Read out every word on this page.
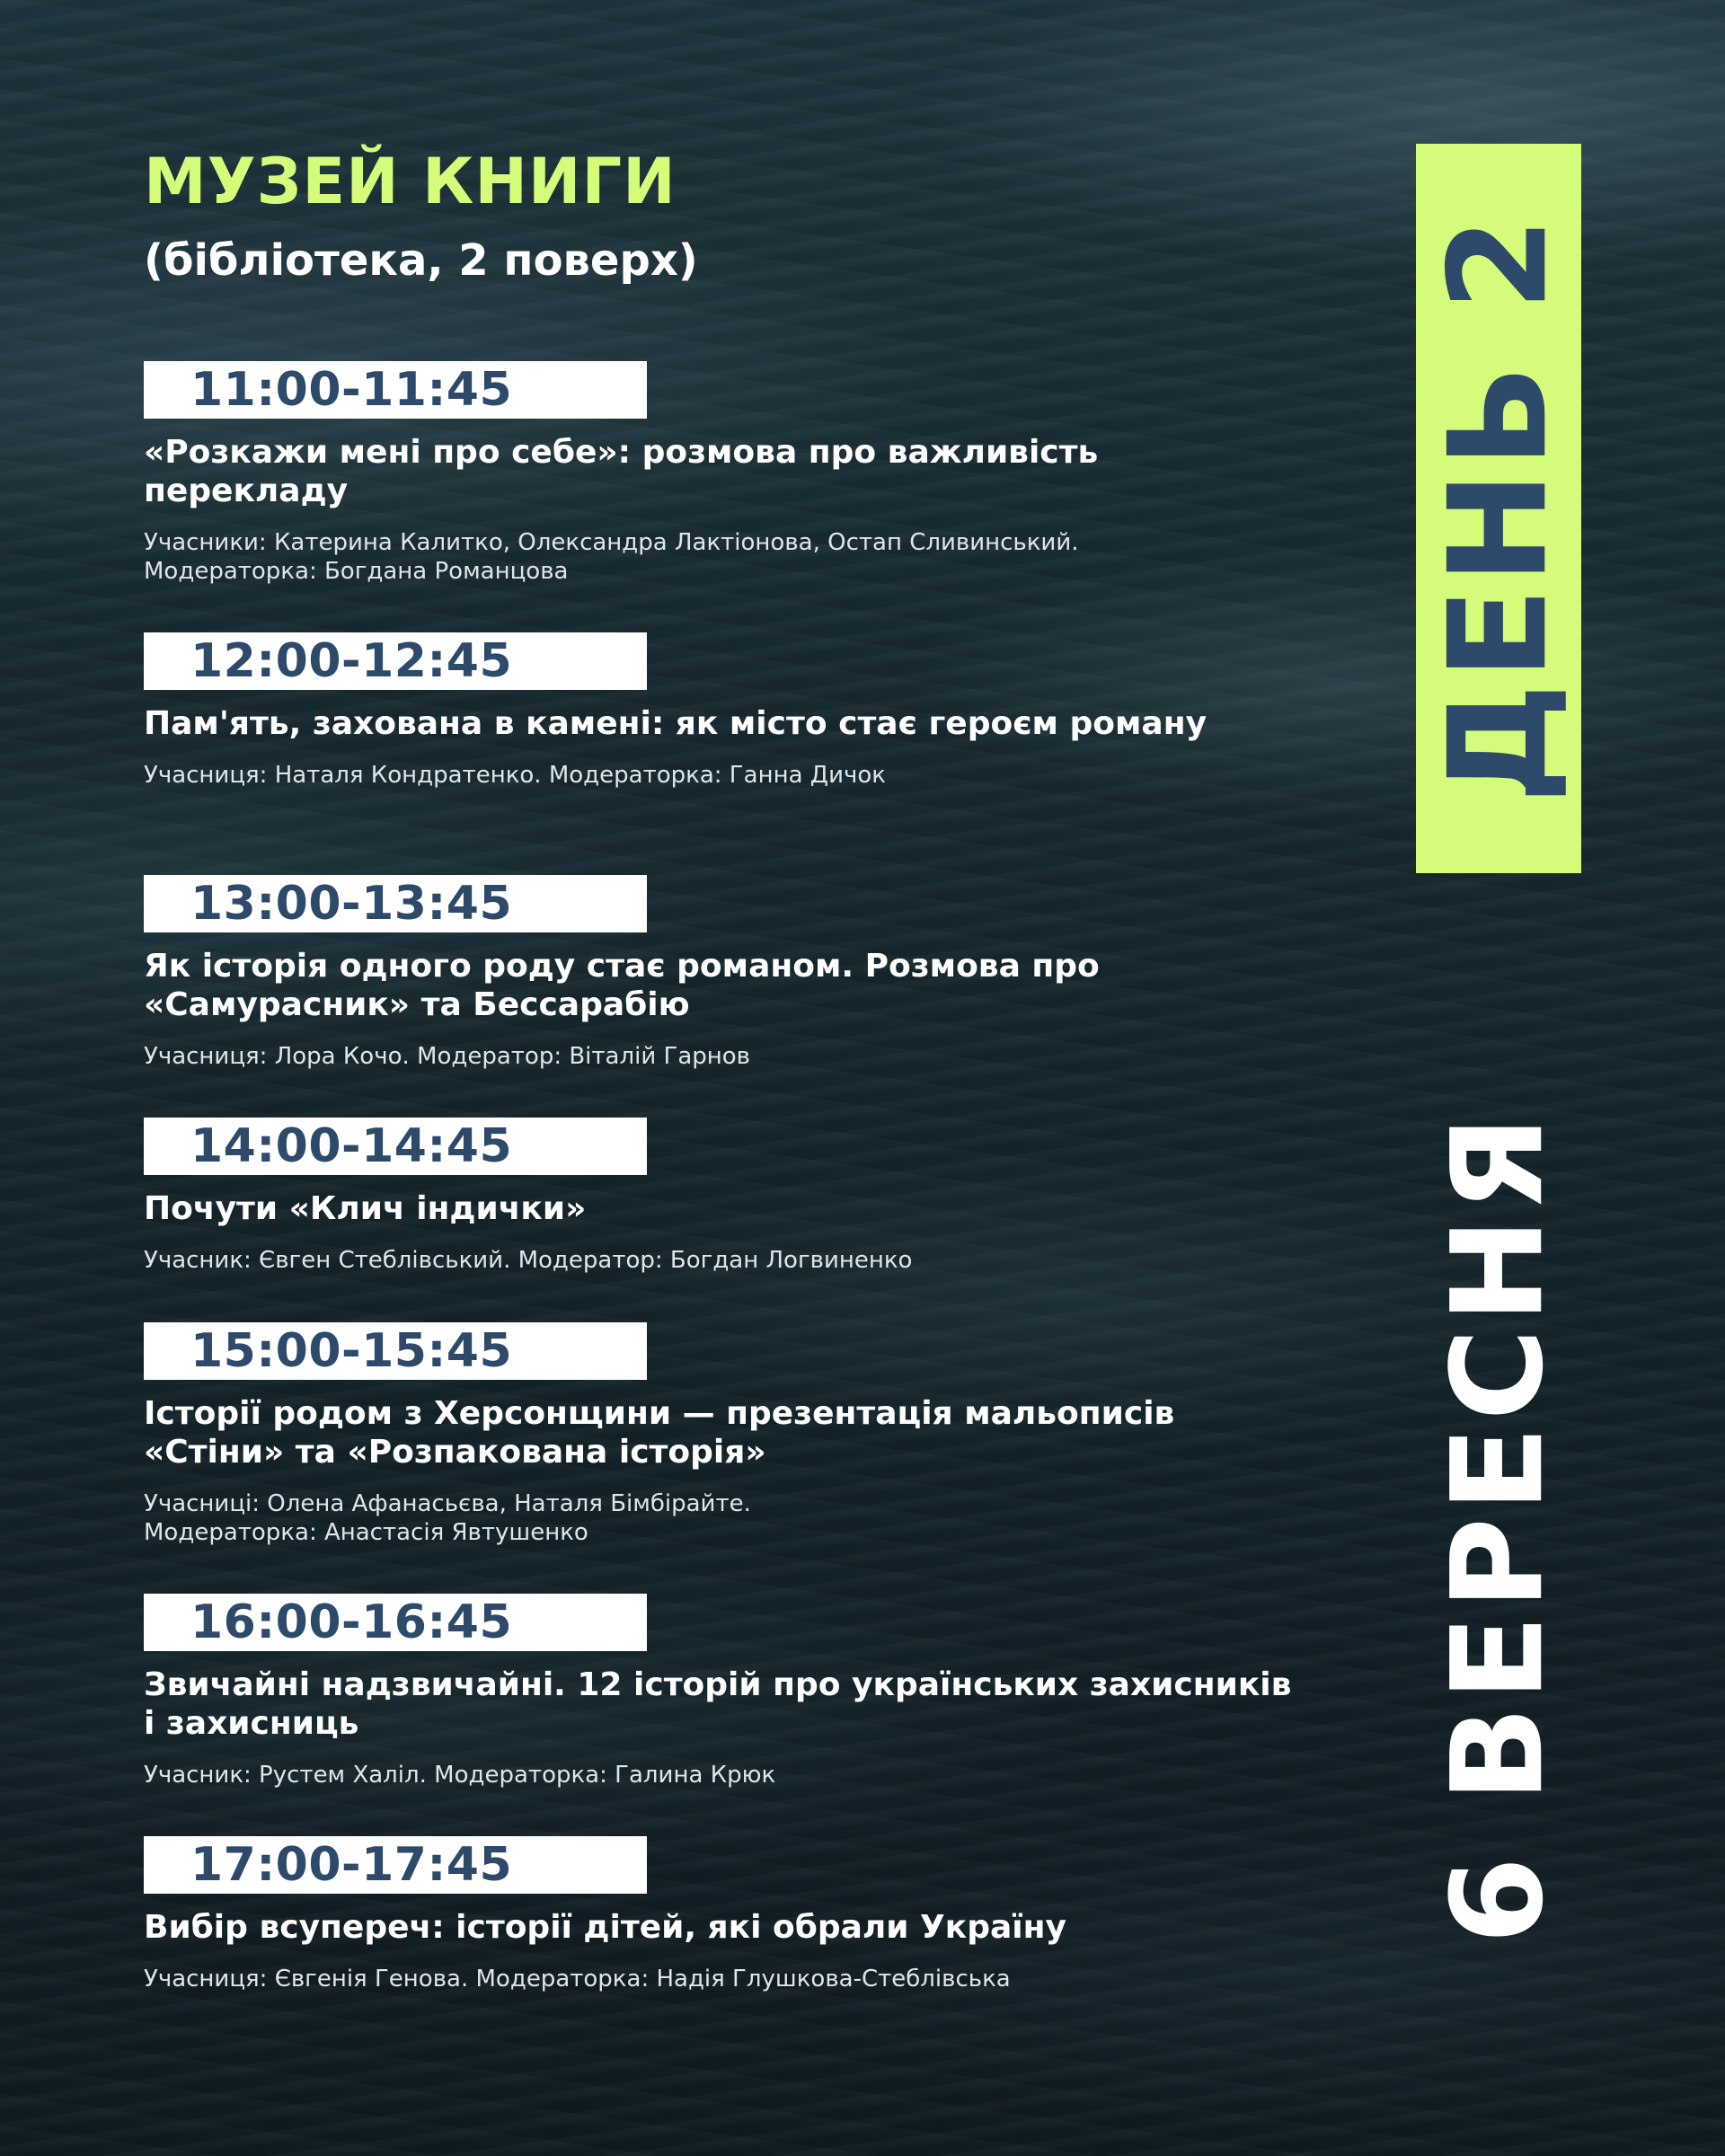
МУЗЕЙ КНИГИ

(бібліотека, 2 поверх)

11:00-11:45
«Розкажи мені про себе»: розмова про важливість перекладу
Учасники: Катерина Калитко, Олександра Лактіонова, Остап Сливинський.
Модераторка: Богдана Романцова
12:00-12:45
Пам'ять, захована в камені: як місто стає героєм роману
Учасниця: Наталя Кондратенко. Модераторка: Ганна Дичок
13:00-13:45
Як історія одного роду стає романом. Розмова про «Самурасник» та Бессарабію
Учасниця: Лора Кочо. Модератор: Віталій Гарнов
14:00-14:45
Почути «Клич індички»
Учасник: Євген Стеблівський. Модератор: Богдан Логвиненко
15:00-15:45
Історії родом з Херсонщини — презентація мальописів «Стіни» та «Розпакована історія»
Учасниці: Олена Афанасьєва, Наталя Бімбірайте.
Модераторка: Анастасія Явтушенко
16:00-16:45
Звичайні надзвичайні. 12 історій про українських захисників і захисниць
Учасник: Рустем Халіл. Модераторка: Галина Крюк
17:00-17:45
Вибір всупереч: історії дітей, які обрали Україну
Учасниця: Євгенія Генова. Модераторка: Надія Глушкова-Стеблівська
ДЕНЬ 2
6 ВЕРЕСНЯ
